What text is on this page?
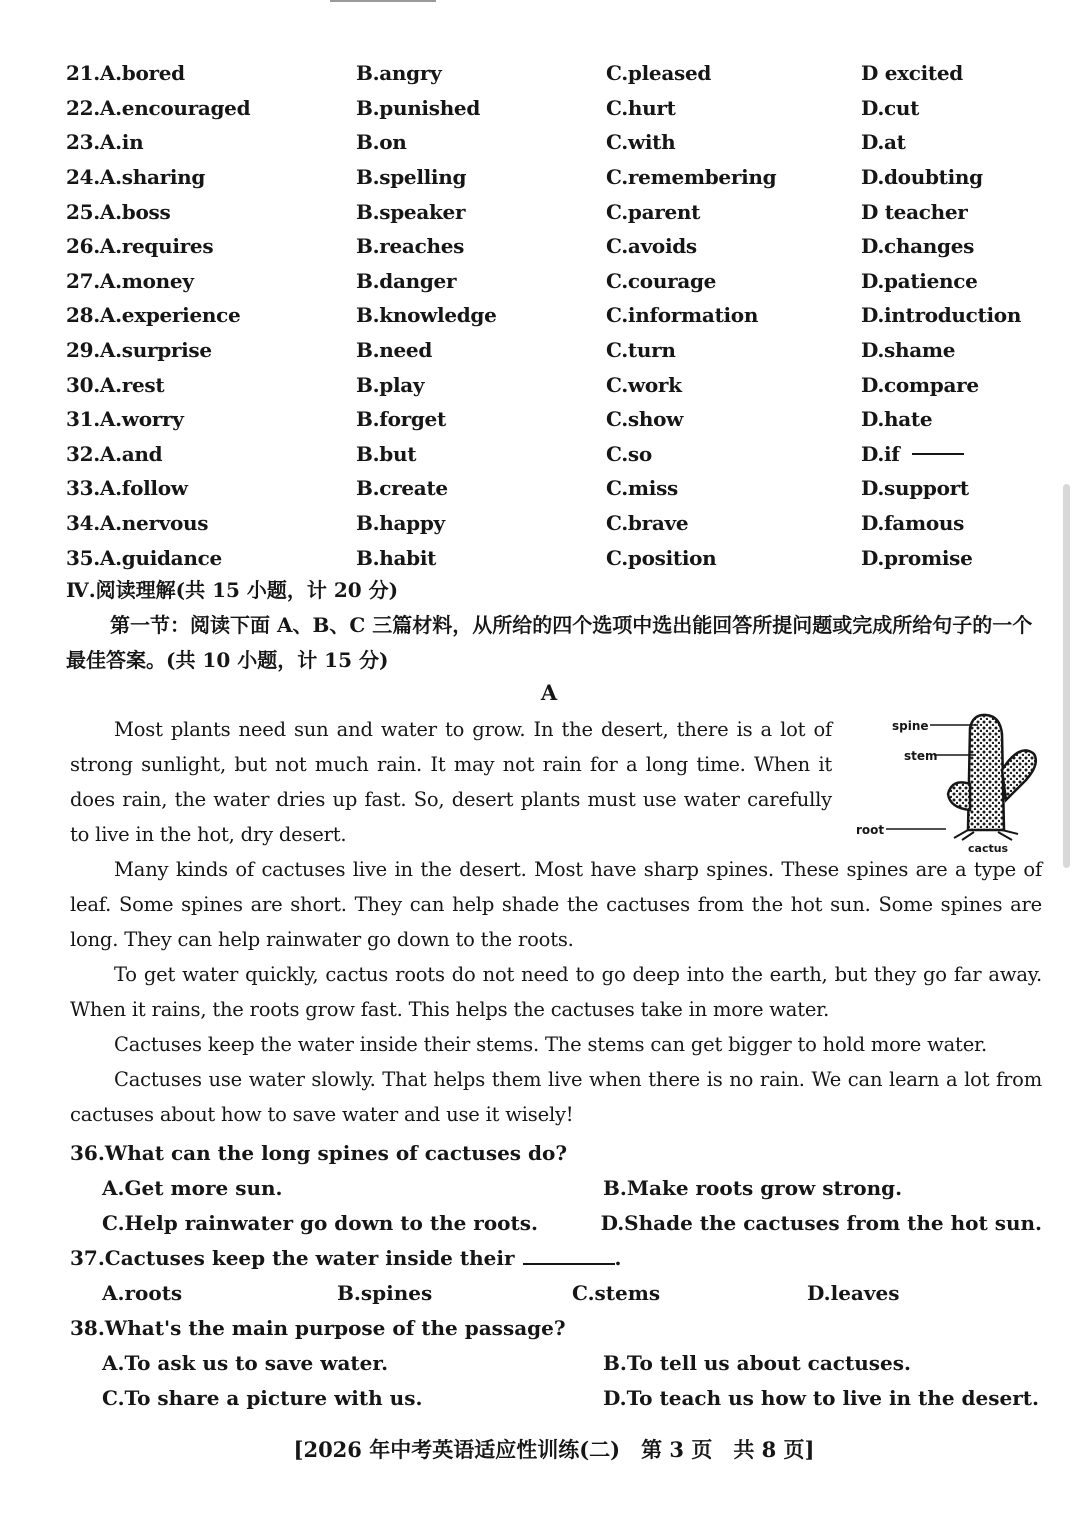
21.A.bored	B.angry	C.pleased	D excited
22.A.encouraged	B.punished	C.hurt	D.cut
23.A.in	B.on	C.with	D.at
24.A.sharing	B.spelling	C.remembering	D.doubting
25.A.boss	B.speaker	C.parent	D teacher
26.A.requires	B.reaches	C.avoids	D.changes
27.A.money	B.danger	C.courage	D.patience
28.A.experience	B.knowledge	C.information	D.introduction
29.A.surprise	B.need	C.turn	D.shame
30.A.rest	B.play	C.work	D.compare
31.A.worry	B.forget	C.show	D.hate
32.A.and	B.but	C.so	D.if
33.A.follow	B.create	C.miss	D.support
34.A.nervous	B.happy	C.brave	D.famous
35.A.guidance	B.habit	C.position	D.promise
Ⅳ.阅读理解(共 15 小题，计 20 分)
第一节：阅读下面 A、B、C 三篇材料，从所给的四个选项中选出能回答所提问题或完成所给句子的一个最佳答案。(共 10 小题，计 15 分)
A

Most plants need sun and water to grow. In the desert, there is a lot of strong sunlight, but not much rain. It may not rain for a long time. When it does rain, the water dries up fast. So, desert plants must use water carefully to live in the hot, dry desert.

Many kinds of cactuses live in the desert. Most have sharp spines. These spines are a type of leaf. Some spines are short. They can help shade the cactuses from the hot sun. Some spines are long. They can help rainwater go down to the roots.

To get water quickly, cactus roots do not need to go deep into the earth, but they go far away. When it rains, the roots grow fast. This helps the cactuses take in more water.

Cactuses keep the water inside their stems. The stems can get bigger to hold more water.

Cactuses use water slowly. That helps them live when there is no rain. We can learn a lot from cactuses about how to save water and use it wisely!

spine
stem
root
cactus
36.What can the long spines of cactuses do?
A.Get more sun.	B.Make roots grow strong.
C.Help rainwater go down to the roots.	D.Shade the cactuses from the hot sun.
37.Cactuses keep the water inside their	.
A.roots	B.spines	C.stems	D.leaves
38.What's the main purpose of the passage?
A.To ask us to save water.	B.To tell us about cactuses.
C.To share a picture with us.	D.To teach us how to live in the desert.
[2026 年中考英语适应性训练(二)　第 3 页　共 8 页]
